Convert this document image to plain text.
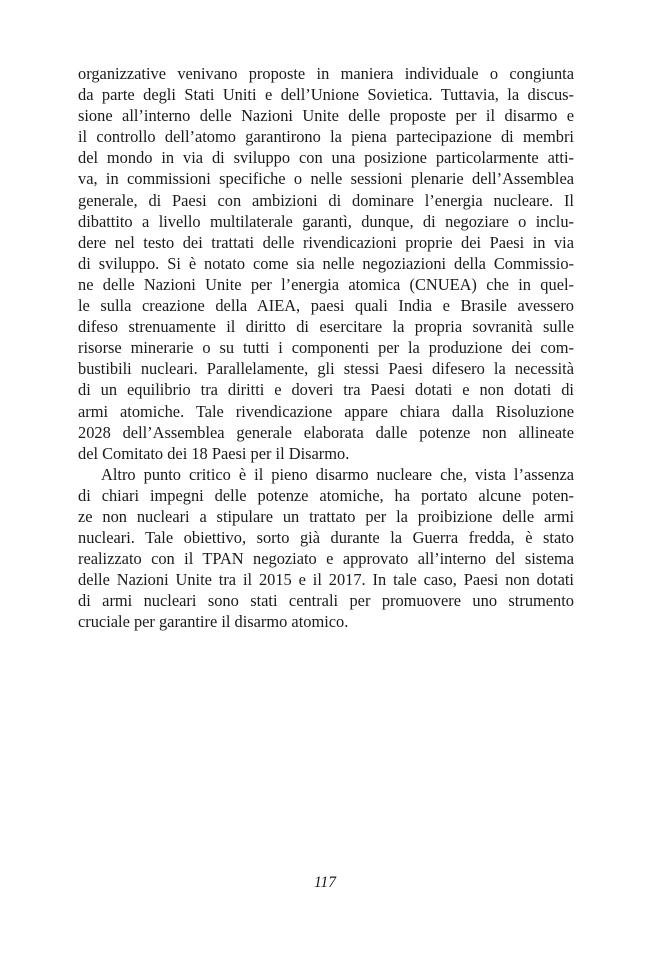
organizzative venivano proposte in maniera individuale o congiunta
da parte degli Stati Uniti e dell’Unione Sovietica. Tuttavia, la discus-
sione all’interno delle Nazioni Unite delle proposte per il disarmo e
il controllo dell’atomo garantirono la piena partecipazione di membri
del mondo in via di sviluppo con una posizione particolarmente atti-
va, in commissioni specifiche o nelle sessioni plenarie dell’Assemblea
generale, di Paesi con ambizioni di dominare l’energia nucleare. Il
dibattito a livello multilaterale garantì, dunque, di negoziare o inclu-
dere nel testo dei trattati delle rivendicazioni proprie dei Paesi in via
di sviluppo. Si è notato come sia nelle negoziazioni della Commissio-
ne delle Nazioni Unite per l’energia atomica (CNUEA) che in quel-
le sulla creazione della AIEA, paesi quali India e Brasile avessero
difeso strenuamente il diritto di esercitare la propria sovranità sulle
risorse minerarie o su tutti i componenti per la produzione dei com-
bustibili nucleari. Parallelamente, gli stessi Paesi difesero la necessità
di un equilibrio tra diritti e doveri tra Paesi dotati e non dotati di
armi atomiche. Tale rivendicazione appare chiara dalla Risoluzione
2028 dell’Assemblea generale elaborata dalle potenze non allineate
del Comitato dei 18 Paesi per il Disarmo.
Altro punto critico è il pieno disarmo nucleare che, vista l’assenza
di chiari impegni delle potenze atomiche, ha portato alcune poten-
ze non nucleari a stipulare un trattato per la proibizione delle armi
nucleari. Tale obiettivo, sorto già durante la Guerra fredda, è stato
realizzato con il TPAN negoziato e approvato all’interno del sistema
delle Nazioni Unite tra il 2015 e il 2017. In tale caso, Paesi non dotati
di armi nucleari sono stati centrali per promuovere uno strumento
cruciale per garantire il disarmo atomico.
117
